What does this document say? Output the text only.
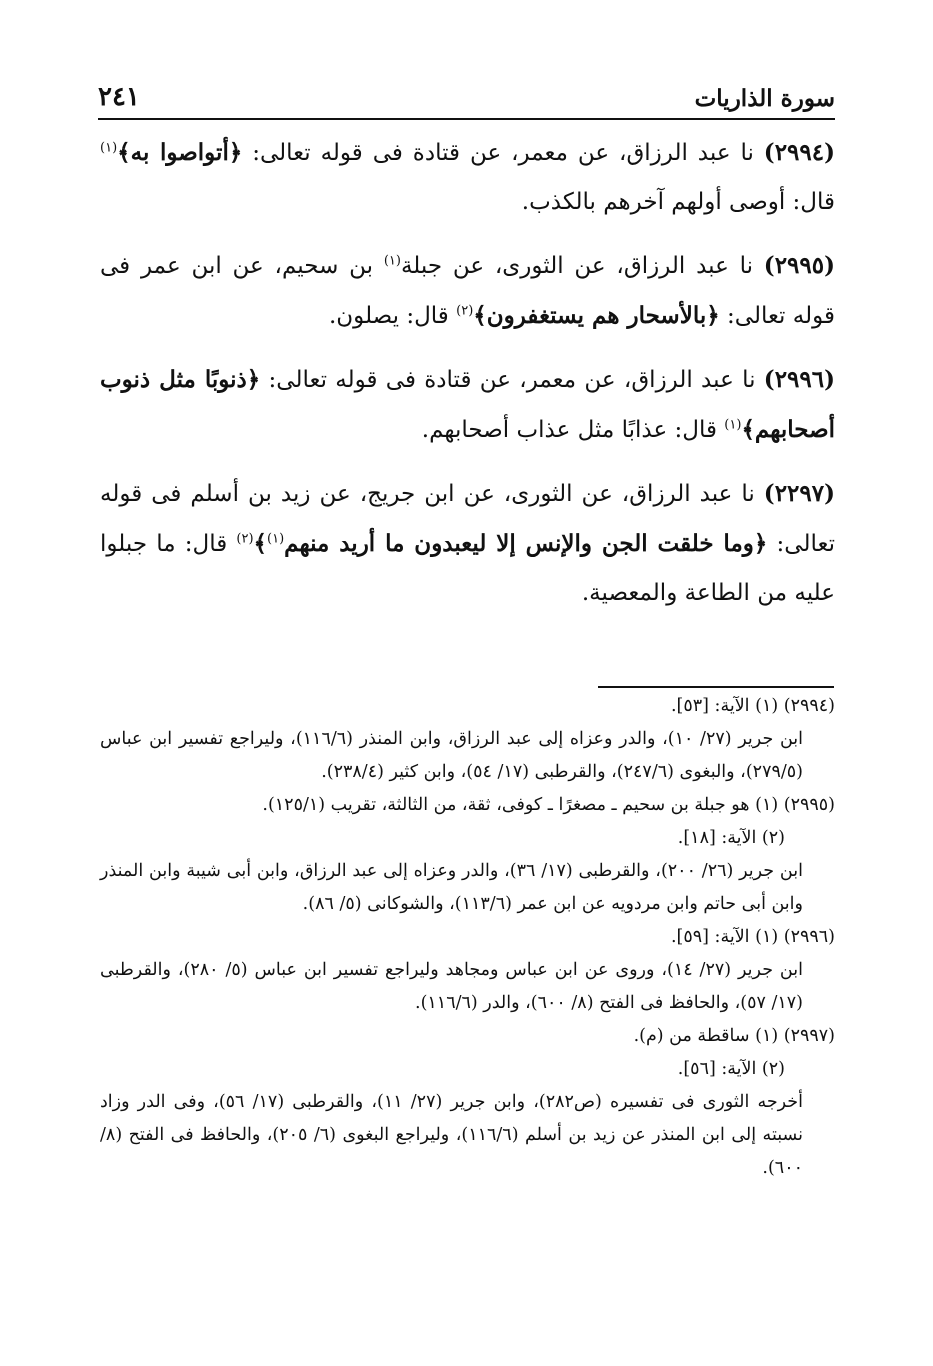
سورة الذاريات
٢٤١

(٢٩٩٤) نا عبد الرزاق، عن معمر، عن قتادة فى قوله تعالى: ﴿أتواصوا به﴾$^{(١)}$ قال: أوصى أولهم آخرهم بالكذب.

(٢٩٩٥) نا عبد الرزاق، عن الثورى، عن جبلة$^{(١)}$ بن سحيم، عن ابن عمر فى قوله تعالى: ﴿بالأسحار هم يستغفرون﴾$^{(٢)}$ قال: يصلون.

(٢٩٩٦) نا عبد الرزاق، عن معمر، عن قتادة فى قوله تعالى: ﴿ذنوبًا مثل ذنوب أصحابهم﴾$^{(١)}$ قال: عذابًا مثل عذاب أصحابهم.

(٢٢٩٧) نا عبد الرزاق، عن الثورى، عن ابن جريج، عن زيد بن أسلم فى قوله تعالى: ﴿وما خلقت الجن والإنس إلا ليعبدون ما أريد منهم$^{(١)}$﴾$^{(٢)}$ قال: ما جبلوا عليه من الطاعة والمعصية.

(٢٩٩٤) (١) الآية: [٥٣].

ابن جرير (٢٧/ ١٠)، والدر وعزاه إلى عبد الرزاق، وابن المنذر (١١٦/٦)، وليراجع تفسير ابن عباس (٢٧٩/٥)، والبغوى (٢٤٧/٦)، والقرطبى (١٧/ ٥٤)، وابن كثير (٢٣٨/٤).

(٢٩٩٥) (١) هو جبلة بن سحيم ـ مصغرًا ـ كوفى، ثقة، من الثالثة، تقريب (١٢٥/١).

(٢) الآية: [١٨].

ابن جرير (٢٦/ ٢٠٠)، والقرطبى (١٧/ ٣٦)، والدر وعزاه إلى عبد الرزاق، وابن أبى شيبة وابن المنذر وابن أبى حاتم وابن مردويه عن ابن عمر (١١٣/٦)، والشوكانى (٥/ ٨٦).

(٢٩٩٦) (١) الآية: [٥٩].

ابن جرير (٢٧/ ١٤)، وروى عن ابن عباس ومجاهد وليراجع تفسير ابن عباس (٥/ ٢٨٠)، والقرطبى (١٧/ ٥٧)، والحافظ فى الفتح (٨/ ٦٠٠)، والدر (١١٦/٦).

(٢٩٩٧) (١) ساقطة من (م).

(٢) الآية: [٥٦].

أخرجه الثورى فى تفسيره (ص٢٨٢)، وابن جرير (٢٧/ ١١)، والقرطبى (١٧/ ٥٦)، وفى الدر وزاد نسبته إلى ابن المنذر عن زيد بن أسلم (١١٦/٦)، وليراجع البغوى (٦/ ٢٠٥)، والحافظ فى الفتح (٨/ ٦٠٠).
